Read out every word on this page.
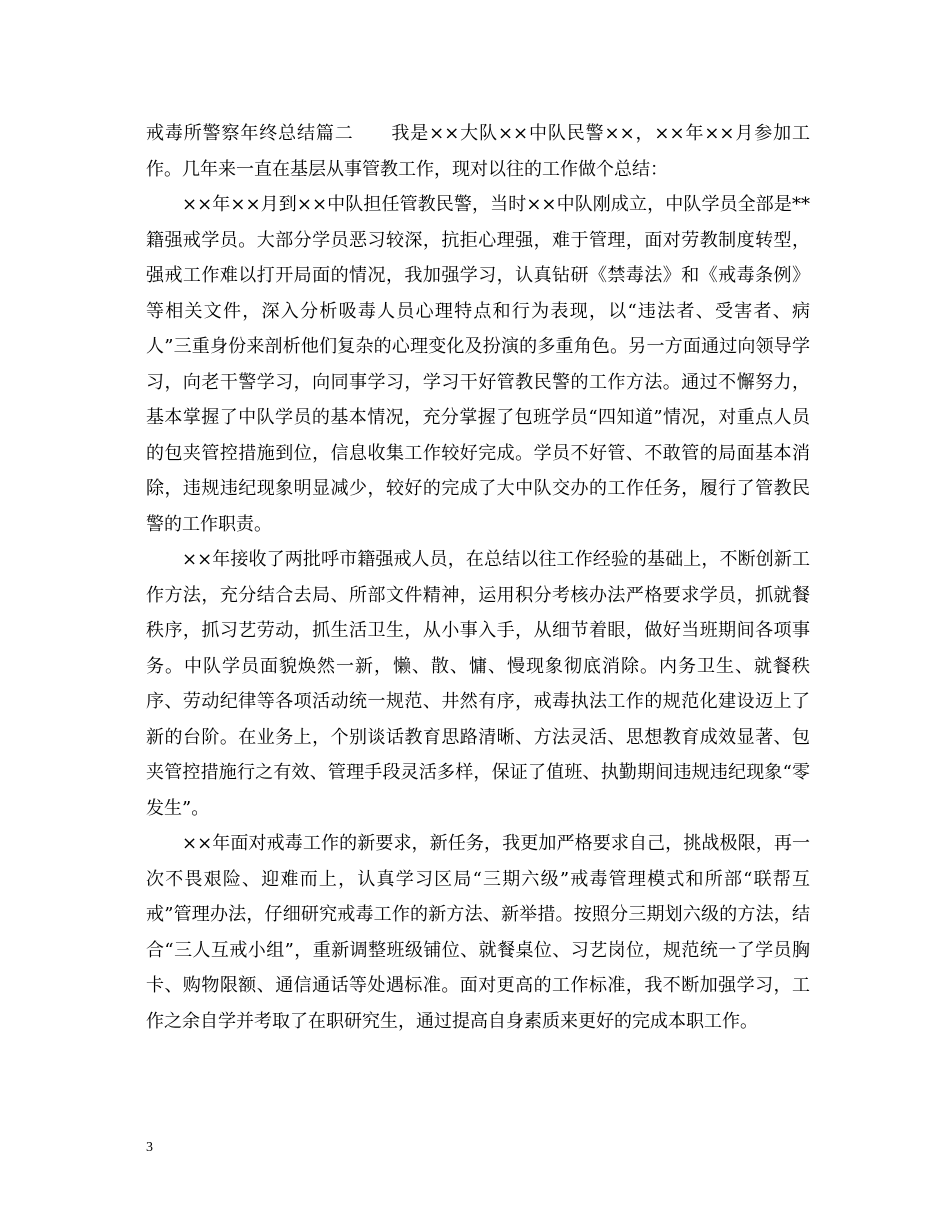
戒毒所警察年终总结篇二　　我是××大队××中队民警××，××年××月参加工作。几年来一直在基层从事管教工作，现对以往的工作做个总结：

××年××月到××中队担任管教民警，当时××中队刚成立，中队学员全部是**籍强戒学员。大部分学员恶习较深，抗拒心理强，难于管理，面对劳教制度转型，强戒工作难以打开局面的情况，我加强学习，认真钻研《禁毒法》和《戒毒条例》等相关文件，深入分析吸毒人员心理特点和行为表现，以“违法者、受害者、病人”三重身份来剖析他们复杂的心理变化及扮演的多重角色。另一方面通过向领导学习，向老干警学习，向同事学习，学习干好管教民警的工作方法。通过不懈努力，基本掌握了中队学员的基本情况，充分掌握了包班学员“四知道”情况，对重点人员的包夹管控措施到位，信息收集工作较好完成。学员不好管、不敢管的局面基本消除，违规违纪现象明显减少，较好的完成了大中队交办的工作任务，履行了管教民警的工作职责。

××年接收了两批呼市籍强戒人员，在总结以往工作经验的基础上，不断创新工作方法，充分结合去局、所部文件精神，运用积分考核办法严格要求学员，抓就餐秩序，抓习艺劳动，抓生活卫生，从小事入手，从细节着眼，做好当班期间各项事务。中队学员面貌焕然一新，懒、散、慵、慢现象彻底消除。内务卫生、就餐秩序、劳动纪律等各项活动统一规范、井然有序，戒毒执法工作的规范化建设迈上了新的台阶。在业务上，个别谈话教育思路清晰、方法灵活、思想教育成效显著、包夹管控措施行之有效、管理手段灵活多样，保证了值班、执勤期间违规违纪现象“零发生”。

××年面对戒毒工作的新要求，新任务，我更加严格要求自己，挑战极限，再一次不畏艰险、迎难而上，认真学习区局“三期六级”戒毒管理模式和所部“联帮互戒”管理办法，仔细研究戒毒工作的新方法、新举措。按照分三期划六级的方法，结合“三人互戒小组”，重新调整班级铺位、就餐桌位、习艺岗位，规范统一了学员胸卡、购物限额、通信通话等处遇标准。面对更高的工作标准，我不断加强学习，工作之余自学并考取了在职研究生，通过提高自身素质来更好的完成本职工作。

3
